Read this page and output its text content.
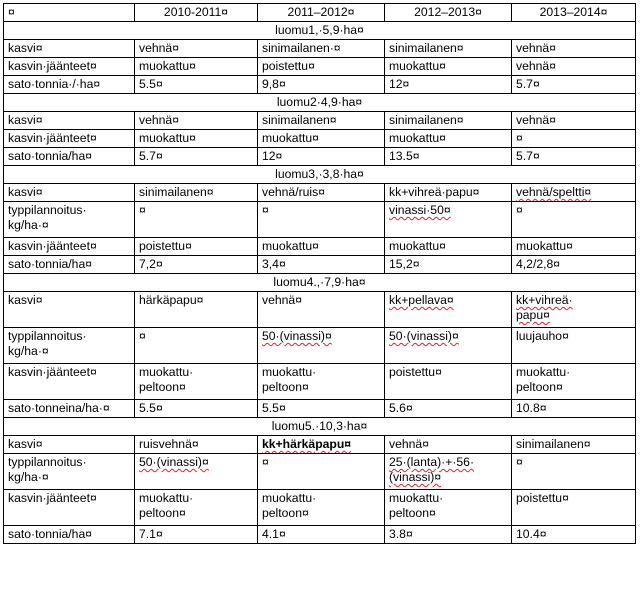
¤	2010-2011¤	2011–2012¤	2012–2013¤	2013–2014¤
luomu1,·5,9·ha¤				
kasvi¤	vehnä¤	sinimailanen·¤	sinimailanen¤	vehnä¤
kasvin·jäänteet¤	muokattu¤	poistettu¤	muokattu¤	vehnä¤
sato·tonnia·/·ha¤	5.5¤	9,8¤	12¤	5.7¤
luomu2·4,9·ha¤				
kasvi¤	vehnä¤	sinimailanen¤	sinimailanen¤	vehnä¤
kasvin·jäänteet¤	muokattu¤	muokattu¤	muokattu¤	¤
sato·tonnia/ha¤	5.7¤	12¤	13.5¤	5.7¤
luomu3,·3,8·ha¤				
kasvi¤	sinimailanen¤	vehnä/ruis¤	kk+vihreä·papu¤	vehnä/speltti¤
typpilannoitus·
kg/ha·¤	¤	¤	vinassi·50¤	¤
kasvin·jäänteet¤	poistettu¤	muokattu¤	muokattu¤	muokattu¤
sato·tonnia/ha¤	7,2¤	3,4¤	15,2¤	4,2/2,8¤
luomu4.,·7,9·ha¤				
kasvi¤	härkäpapu¤	vehnä¤	kk+pellava¤	kk+vihreä·
papu¤
typpilannoitus·
kg/ha·¤	¤	50·(vinassi)¤	50·(vinassi)¤	luujauho¤
kasvin·jäänteet¤	muokattu·
peltoon¤	muokattu·
peltoon¤	poistettu¤	muokattu·
peltoon¤
sato·tonneina/ha·¤	5.5¤	5.5¤	5.6¤	10.8¤
luomu5.·10,3·ha¤				
kasvi¤	ruisvehnä¤	kk+härkäpapu¤	vehnä¤	sinimailanen¤
typpilannoitus·
kg/ha·¤	50·(vinassi)¤	¤	25·(lanta)·+·56·
(vinassi)¤	¤
kasvin·jäänteet¤	muokattu·
peltoon¤	muokattu·
peltoon¤	muokattu·
peltoon¤	poistettu¤
sato·tonnia/ha¤	7.1¤	4.1¤	3.8¤	10.4¤
